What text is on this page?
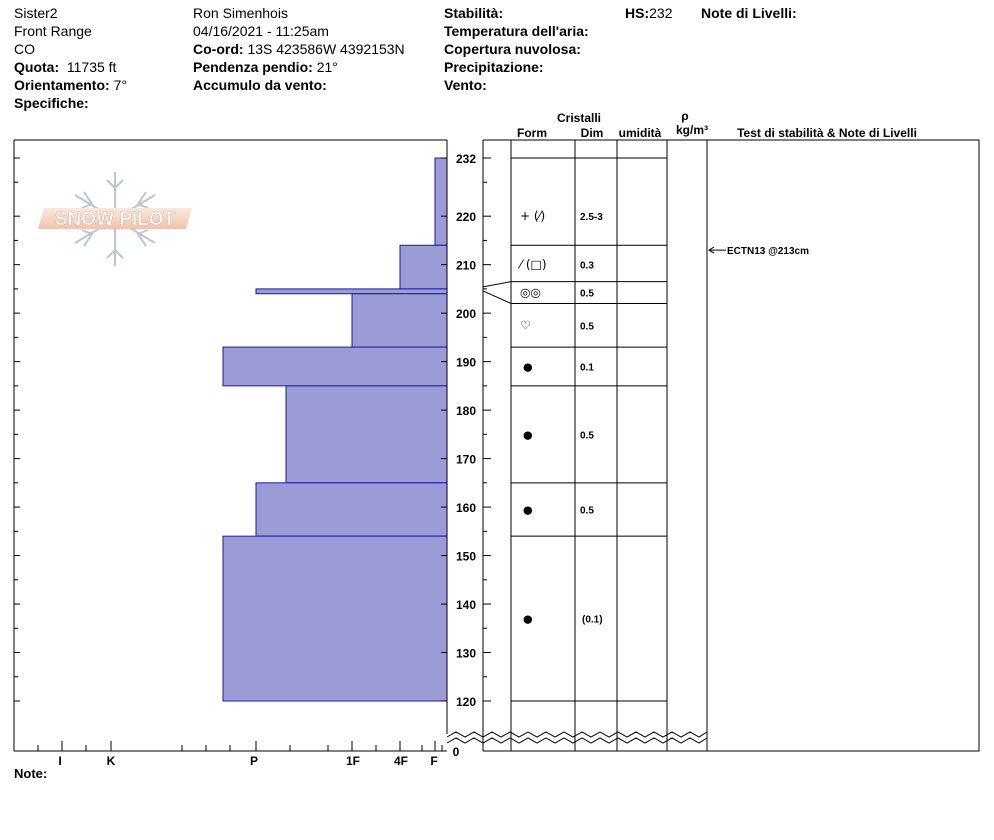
Sister2
Front Range
CO
Quota: 11735 ft
Orientamento: 7°
Specifiche:
Ron Simenhois
04/16/2021 - 11:25am
Co-ord: 13S 423586W 4392153N
Pendenza pendio: 21°
Accumulo da vento:
Stabilità:
Temperatura dell'aria:
Copertura nuvolosa:
Precipitazione:
Vento:
HS:232 Note di Livelli:
Cristalli
Form	Dim umidità
ρ
kg/m³ Test di stabilità & Note di Livelli
SNOW PILOT
I	K	P	1F	4F F
232
220
210
200
190
180
170
160
150
140
130
120
+ (⁄)	2.5-3
⁄ (□)	0.3
◎◎	0.5
♡	0.5
●	0.1
●	0.5
●	0.5
●	(0.1)
0
ECTN13 @213cm
Note:
